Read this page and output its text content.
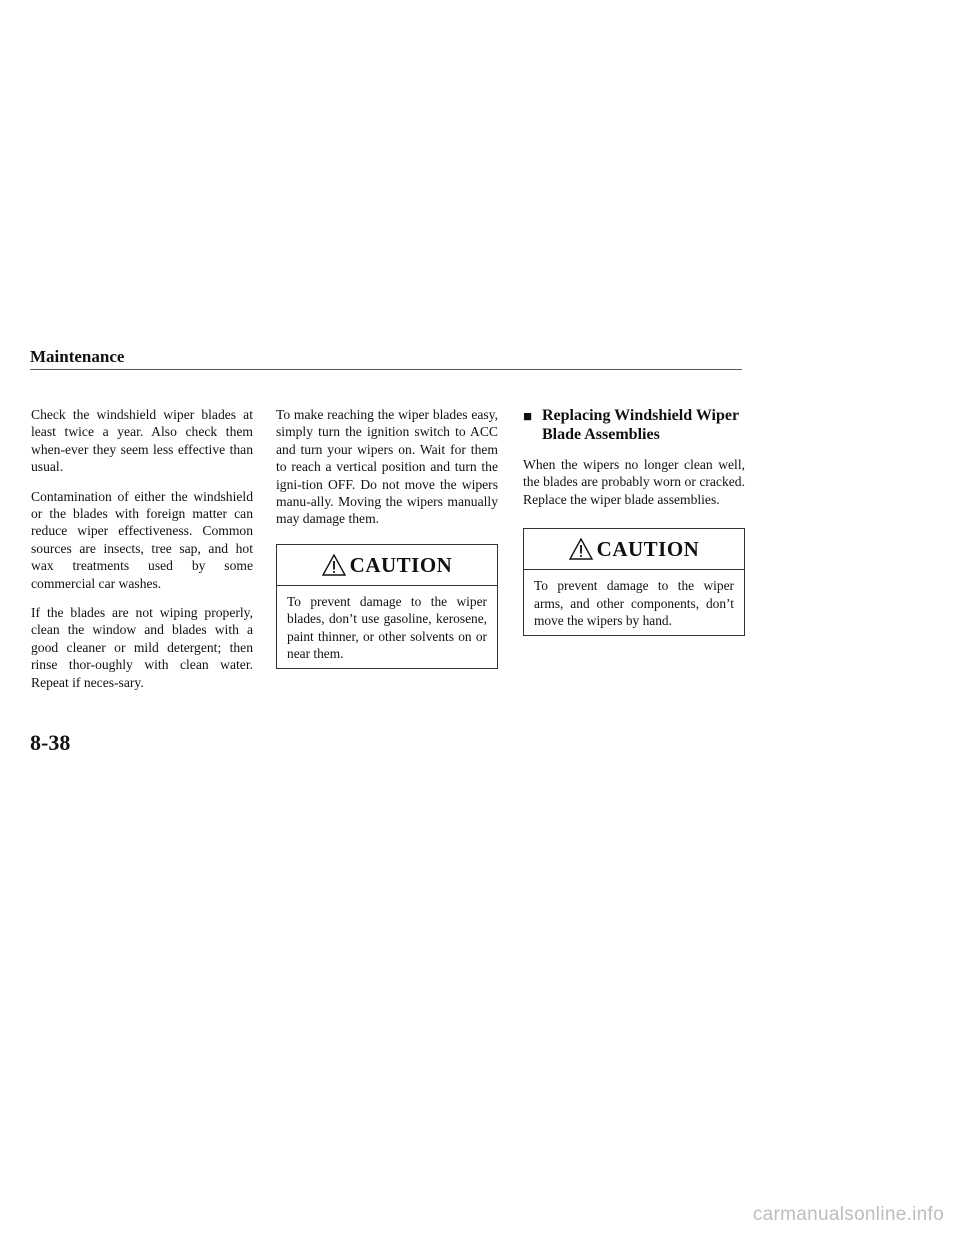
Maintenance

Check the windshield wiper blades at least twice a year. Also check them when-ever they seem less effective than usual.

Contamination of either the windshield or the blades with foreign matter can reduce wiper effectiveness. Common sources are insects, tree sap, and hot wax treatments used by some commercial car washes.

If the blades are not wiping properly, clean the window and blades with a good cleaner or mild detergent; then rinse thor-oughly with clean water. Repeat if neces-sary.

To make reaching the wiper blades easy, simply turn the ignition switch to ACC and turn your wipers on. Wait for them to reach a vertical position and turn the igni-tion OFF. Do not move the wipers manu-ally. Moving the wipers manually may damage them.

CAUTION

To prevent damage to the wiper blades, don’t use gasoline, kerosene, paint thinner, or other solvents on or near them.

■ Replacing Windshield Wiper Blade Assemblies

When the wipers no longer clean well, the blades are probably worn or cracked. Replace the wiper blade assemblies.

CAUTION

To prevent damage to the wiper arms, and other components, don’t move the wipers by hand.

8-38
carmanualsonline.info
